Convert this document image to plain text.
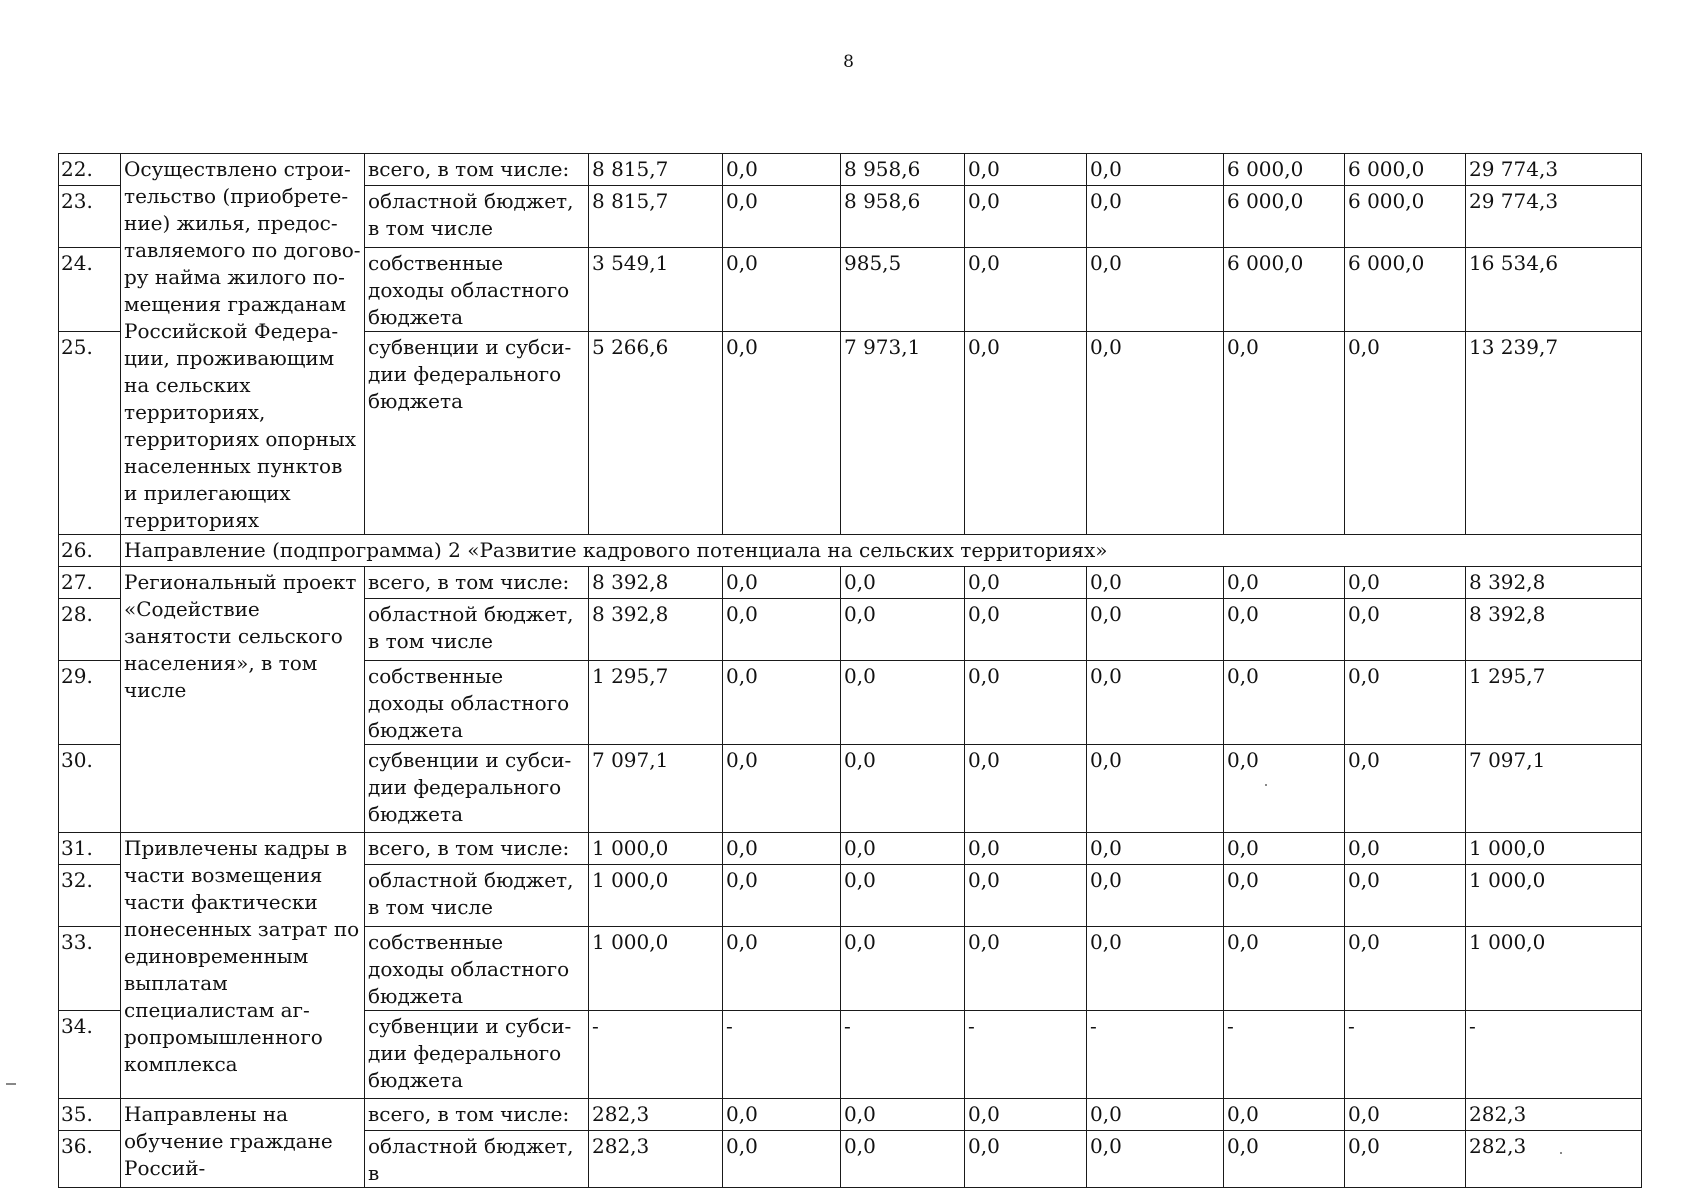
8
22.	Осуществлено строительство (приобретение) жилья, предоставляемого по договору найма жилого помещения гражданам Российской Федерации, проживающим на сельских территориях, территориях опорных населенных пунктов и прилегающих территориях	всего, в том числе:	8 815,7	0,0	8 958,6	0,0	0,0	6 000,0	6 000,0	29 774,3
23.		областной бюджет, в том числе	8 815,7	0,0	8 958,6	0,0	0,0	6 000,0	6 000,0	29 774,3
24.		собственные доходы областного бюджета	3 549,1	0,0	985,5	0,0	0,0	6 000,0	6 000,0	16 534,6
25.		субвенции и субсидии федерального бюджета	5 266,6	0,0	7 973,1	0,0	0,0	0,0	0,0	13 239,7
26.	Направление (подпрограмма) 2 «Развитие кадрового потенциала на сельских территориях»									
27.	Региональный проект «Содействие занятости сельского населения», в том числе	всего, в том числе:	8 392,8	0,0	0,0	0,0	0,0	0,0	0,0	8 392,8
28.		областной бюджет, в том числе	8 392,8	0,0	0,0	0,0	0,0	0,0	0,0	8 392,8
29.		собственные доходы областного бюджета	1 295,7	0,0	0,0	0,0	0,0	0,0	0,0	1 295,7
30.		субвенции и субсидии федерального бюджета	7 097,1	0,0	0,0	0,0	0,0	0,0	0,0	7 097,1
31.	Привлечены кадры в части возмещения части фактически понесенных затрат по единовременным выплатам специалистам агропромышленного комплекса	всего, в том числе:	1 000,0	0,0	0,0	0,0	0,0	0,0	0,0	1 000,0
32.		областной бюджет, в том числе	1 000,0	0,0	0,0	0,0	0,0	0,0	0,0	1 000,0
33.		собственные доходы областного бюджета	1 000,0	0,0	0,0	0,0	0,0	0,0	0,0	1 000,0
34.		субвенции и субсидии федерального бюджета	-	-	-	-	-	-	-	-
35.	Направлены на обучение граждане Россий-	всего, в том числе:	282,3	0,0	0,0	0,0	0,0	0,0	0,0	282,3
36.		областной бюджет, в	282,3	0,0	0,0	0,0	0,0	0,0	0,0	282,3
